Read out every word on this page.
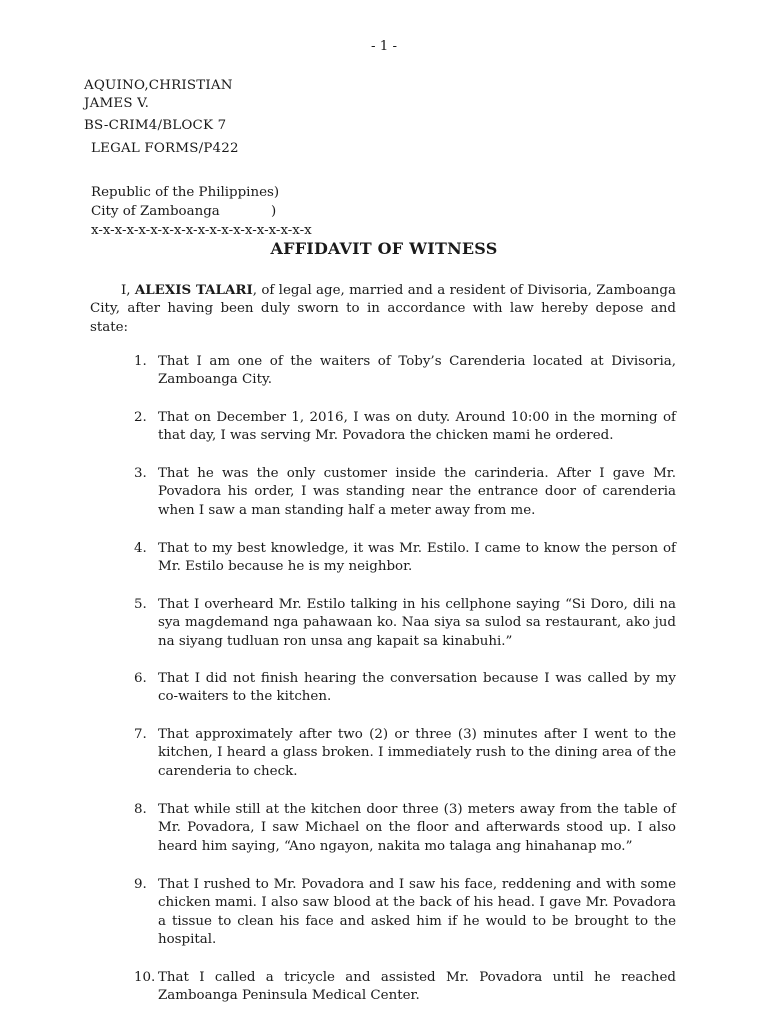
- 1 -
AQUINO,CHRISTIAN
JAMES V.
BS-CRIM4/BLOCK 7
LEGAL FORMS/P422
Republic of the Philippines)
City of Zamboanga	)
x-x-x-x-x-x-x-x-x-x-x-x-x-x-x-x-x-x-x
AFFIDAVIT OF WITNESS

I, ALEXIS TALARI, of legal age, married and a resident of Divisoria, Zamboanga City, after having been duly sworn to in accordance with law hereby depose and state:

1. That I am one of the waiters of Toby’s Carenderia located at Divisoria, Zamboanga City.
2. That on December 1, 2016, I was on duty. Around 10:00 in the morning of that day, I was serving Mr. Povadora the chicken mami he ordered.
3. That he was the only customer inside the carinderia. After I gave Mr. Povadora his order, I was standing near the entrance door of carenderia when I saw a man standing half a meter away from me.
4. That to my best knowledge, it was Mr. Estilo. I came to know the person of Mr. Estilo because he is my neighbor.
5. That I overheard Mr. Estilo talking in his cellphone saying “Si Doro, dili na sya magdemand nga pahawaan ko. Naa siya sa sulod sa restaurant, ako jud na siyang tudluan ron unsa ang kapait sa kinabuhi.”
6. That I did not finish hearing the conversation because I was called by my co-waiters to the kitchen.
7. That approximately after two (2) or three (3) minutes after I went to the kitchen, I heard a glass broken. I immediately rush to the dining area of the carenderia to check.
8. That while still at the kitchen door three (3) meters away from the table of Mr. Povadora, I saw Michael on the floor and afterwards stood up. I also heard him saying, “Ano ngayon, nakita mo talaga ang hinahanap mo.”
9. That I rushed to Mr. Povadora and I saw his face, reddening and with some chicken mami. I also saw blood at the back of his head. I gave Mr. Povadora a tissue to clean his face and asked him if he would to be brought to the hospital.
10. That I called a tricycle and assisted Mr. Povadora until he reached Zamboanga Peninsula Medical Center.
